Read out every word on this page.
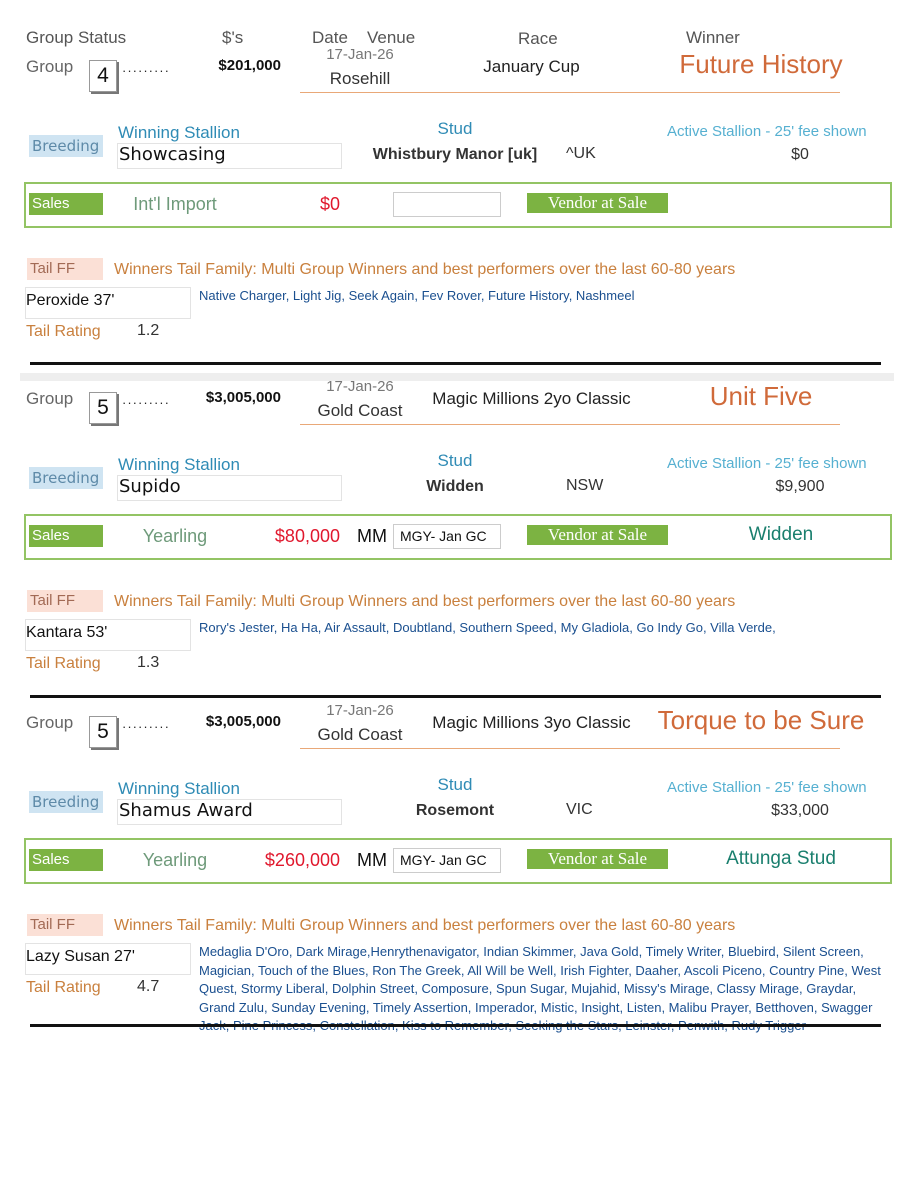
Group Status	$'s	Date Venue	Race	Winner
Group	4	·········	$201,000
17-Jan-26
Rosehill
January Cup	Future History
Breeding
Winning Stallion
Showcasing
Stud
Whistbury Manor [uk]	^UK
Active Stallion - 25' fee shown
$0
Sales	Int'l Import	$0	Vendor at Sale
Tail FF	Winners Tail Family: Multi Group Winners and best performers over the last 60-80 years
Peroxide 37'
Tail Rating 1.2
Native Charger, Light Jig, Seek Again, Fev Rover, Future History, Nashmeel
Group	5	·········	$3,005,000
17-Jan-26
Gold Coast
Magic Millions 2yo Classic	Unit Five
Breeding
Winning Stallion
Supido
Stud
Widden	NSW
Active Stallion - 25' fee shown
$9,900
Sales	Yearling	$80,000 MM MGY- Jan GC	Vendor at Sale	Widden
Tail FF	Winners Tail Family: Multi Group Winners and best performers over the last 60-80 years
Kantara 53'
Tail Rating 1.3
Rory's Jester, Ha Ha, Air Assault, Doubtland, Southern Speed, My Gladiola, Go Indy Go, Villa Verde,
Group	5	·········	$3,005,000
17-Jan-26
Gold Coast
Magic Millions 3yo Classic	Torque to be Sure
Breeding
Winning Stallion
Shamus Award
Stud
Rosemont	VIC
Active Stallion - 25' fee shown
$33,000
Sales	Yearling	$260,000 MM MGY- Jan GC	Vendor at Sale	Attunga Stud
Tail FF	Winners Tail Family: Multi Group Winners and best performers over the last 60-80 years
Lazy Susan 27'
Tail Rating 4.7
Medaglia D'Oro, Dark Mirage,Henrythenavigator, Indian Skimmer, Java Gold, Timely Writer, Bluebird, Silent Screen, Magician, Touch of the Blues, Ron The Greek, All Will be Well, Irish Fighter, Daaher, Ascoli Piceno, Country Pine, West Quest, Stormy Liberal, Dolphin Street, Composure, Spun Sugar, Mujahid, Missy's Mirage, Classy Mirage, Graydar, Grand Zulu, Sunday Evening, Timely Assertion, Imperador, Mistic, Insight, Listen, Malibu Prayer, Betthoven, Swagger
